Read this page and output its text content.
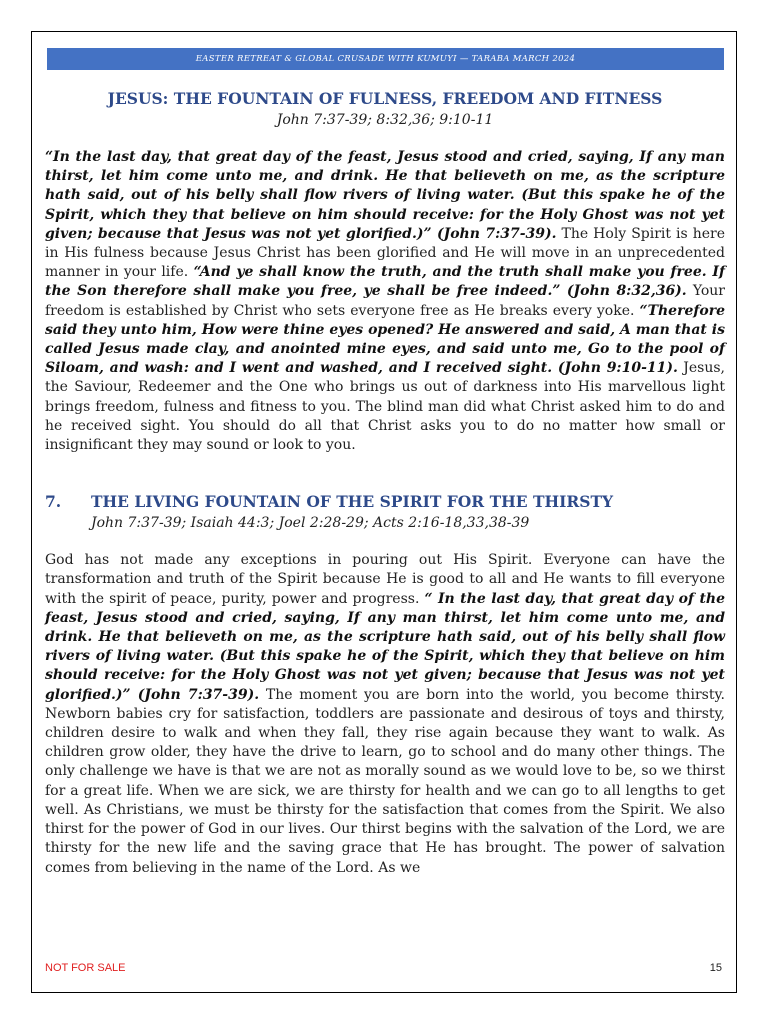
EASTER RETREAT & GLOBAL CRUSADE WITH KUMUYI — TARABA MARCH 2024
JESUS: THE FOUNTAIN OF FULNESS, FREEDOM AND FITNESS
John 7:37-39; 8:32,36; 9:10-11

“In the last day, that great day of the feast, Jesus stood and cried, saying, If any man thirst, let him come unto me, and drink. He that believeth on me, as the scripture hath said, out of his belly shall flow rivers of living water. (But this spake he of the Spirit, which they that believe on him should receive: for the Holy Ghost was not yet given; because that Jesus was not yet glorified.)” (John 7:37-39). The Holy Spirit is here in His fulness because Jesus Christ has been glorified and He will move in an unprecedented manner in your life. “And ye shall know the truth, and the truth shall make you free. If the Son therefore shall make you free, ye shall be free indeed.” (John 8:32,36). Your freedom is established by Christ who sets everyone free as He breaks every yoke. “Therefore said they unto him, How were thine eyes opened? He answered and said, A man that is called Jesus made clay, and anointed mine eyes, and said unto me, Go to the pool of Siloam, and wash: and I went and washed, and I received sight. (John 9:10-11). Jesus, the Saviour, Redeemer and the One who brings us out of darkness into His marvellous light brings freedom, fulness and fitness to you. The blind man did what Christ asked him to do and he received sight. You should do all that Christ asks you to do no matter how small or insignificant they may sound or look to you.

7.	THE LIVING FOUNTAIN OF THE SPIRIT FOR THE THIRSTY
John 7:37-39; Isaiah 44:3; Joel 2:28-29; Acts 2:16-18,33,38-39

God has not made any exceptions in pouring out His Spirit. Everyone can have the transformation and truth of the Spirit because He is good to all and He wants to fill everyone with the spirit of peace, purity, power and progress. “ In the last day, that great day of the feast, Jesus stood and cried, saying, If any man thirst, let him come unto me, and drink. He that believeth on me, as the scripture hath said, out of his belly shall flow rivers of living water. (But this spake he of the Spirit, which they that believe on him should receive: for the Holy Ghost was not yet given; because that Jesus was not yet glorified.)” (John 7:37-39). The moment you are born into the world, you become thirsty. Newborn babies cry for satisfaction, toddlers are passionate and desirous of toys and thirsty, children desire to walk and when they fall, they rise again because they want to walk. As children grow older, they have the drive to learn, go to school and do many other things. The only challenge we have is that we are not as morally sound as we would love to be, so we thirst for a great life. When we are sick, we are thirsty for health and we can go to all lengths to get well. As Christians, we must be thirsty for the satisfaction that comes from the Spirit. We also thirst for the power of God in our lives. Our thirst begins with the salvation of the Lord, we are thirsty for the new life and the saving grace that He has brought. The power of salvation comes from believing in the name of the Lord. As we

NOT FOR SALE	15
